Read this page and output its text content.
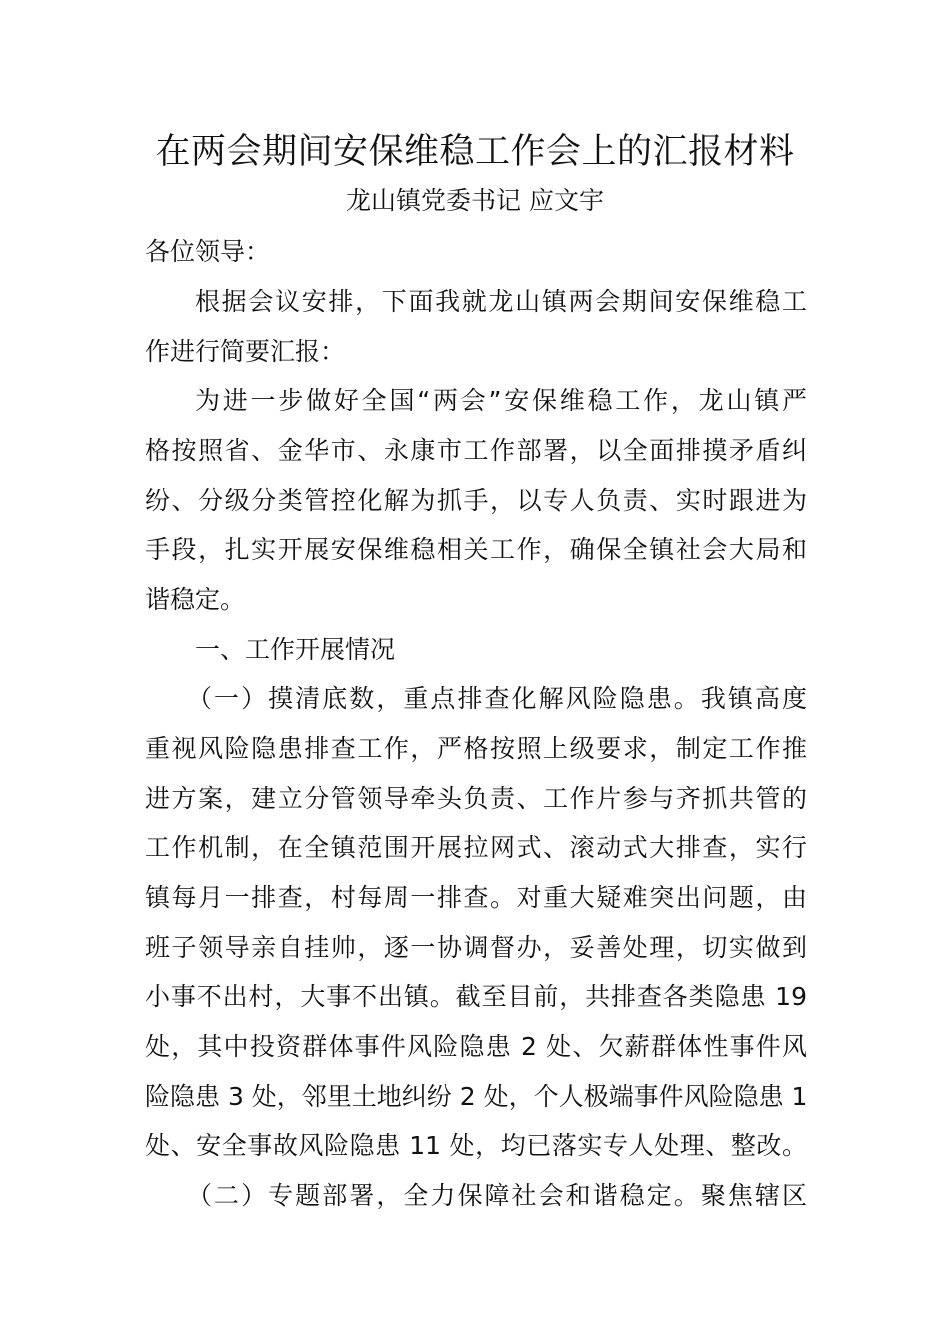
在两会期间安保维稳工作会上的汇报材料
龙山镇党委书记 应文宇
各位领导：
根据会议安排，下面我就龙山镇两会期间安保维稳工
作进行简要汇报：
为进一步做好全国“两会”安保维稳工作，龙山镇严
格按照省、金华市、永康市工作部署，以全面排摸矛盾纠
纷、分级分类管控化解为抓手，以专人负责、实时跟进为
手段，扎实开展安保维稳相关工作，确保全镇社会大局和
谐稳定。
一、工作开展情况
（一）摸清底数，重点排查化解风险隐患。我镇高度
重视风险隐患排查工作，严格按照上级要求，制定工作推
进方案，建立分管领导牵头负责、工作片参与齐抓共管的
工作机制，在全镇范围开展拉网式、滚动式大排查，实行
镇每月一排查，村每周一排查。对重大疑难突出问题，由
班子领导亲自挂帅，逐一协调督办，妥善处理，切实做到
小事不出村，大事不出镇。截至目前，共排查各类隐患 19
处，其中投资群体事件风险隐患 2 处、欠薪群体性事件风
险隐患 3 处，邻里土地纠纷 2 处，个人极端事件风险隐患 1
处、安全事故风险隐患 11 处，均已落实专人处理、整改。
（二）专题部署，全力保障社会和谐稳定。聚焦辖区
